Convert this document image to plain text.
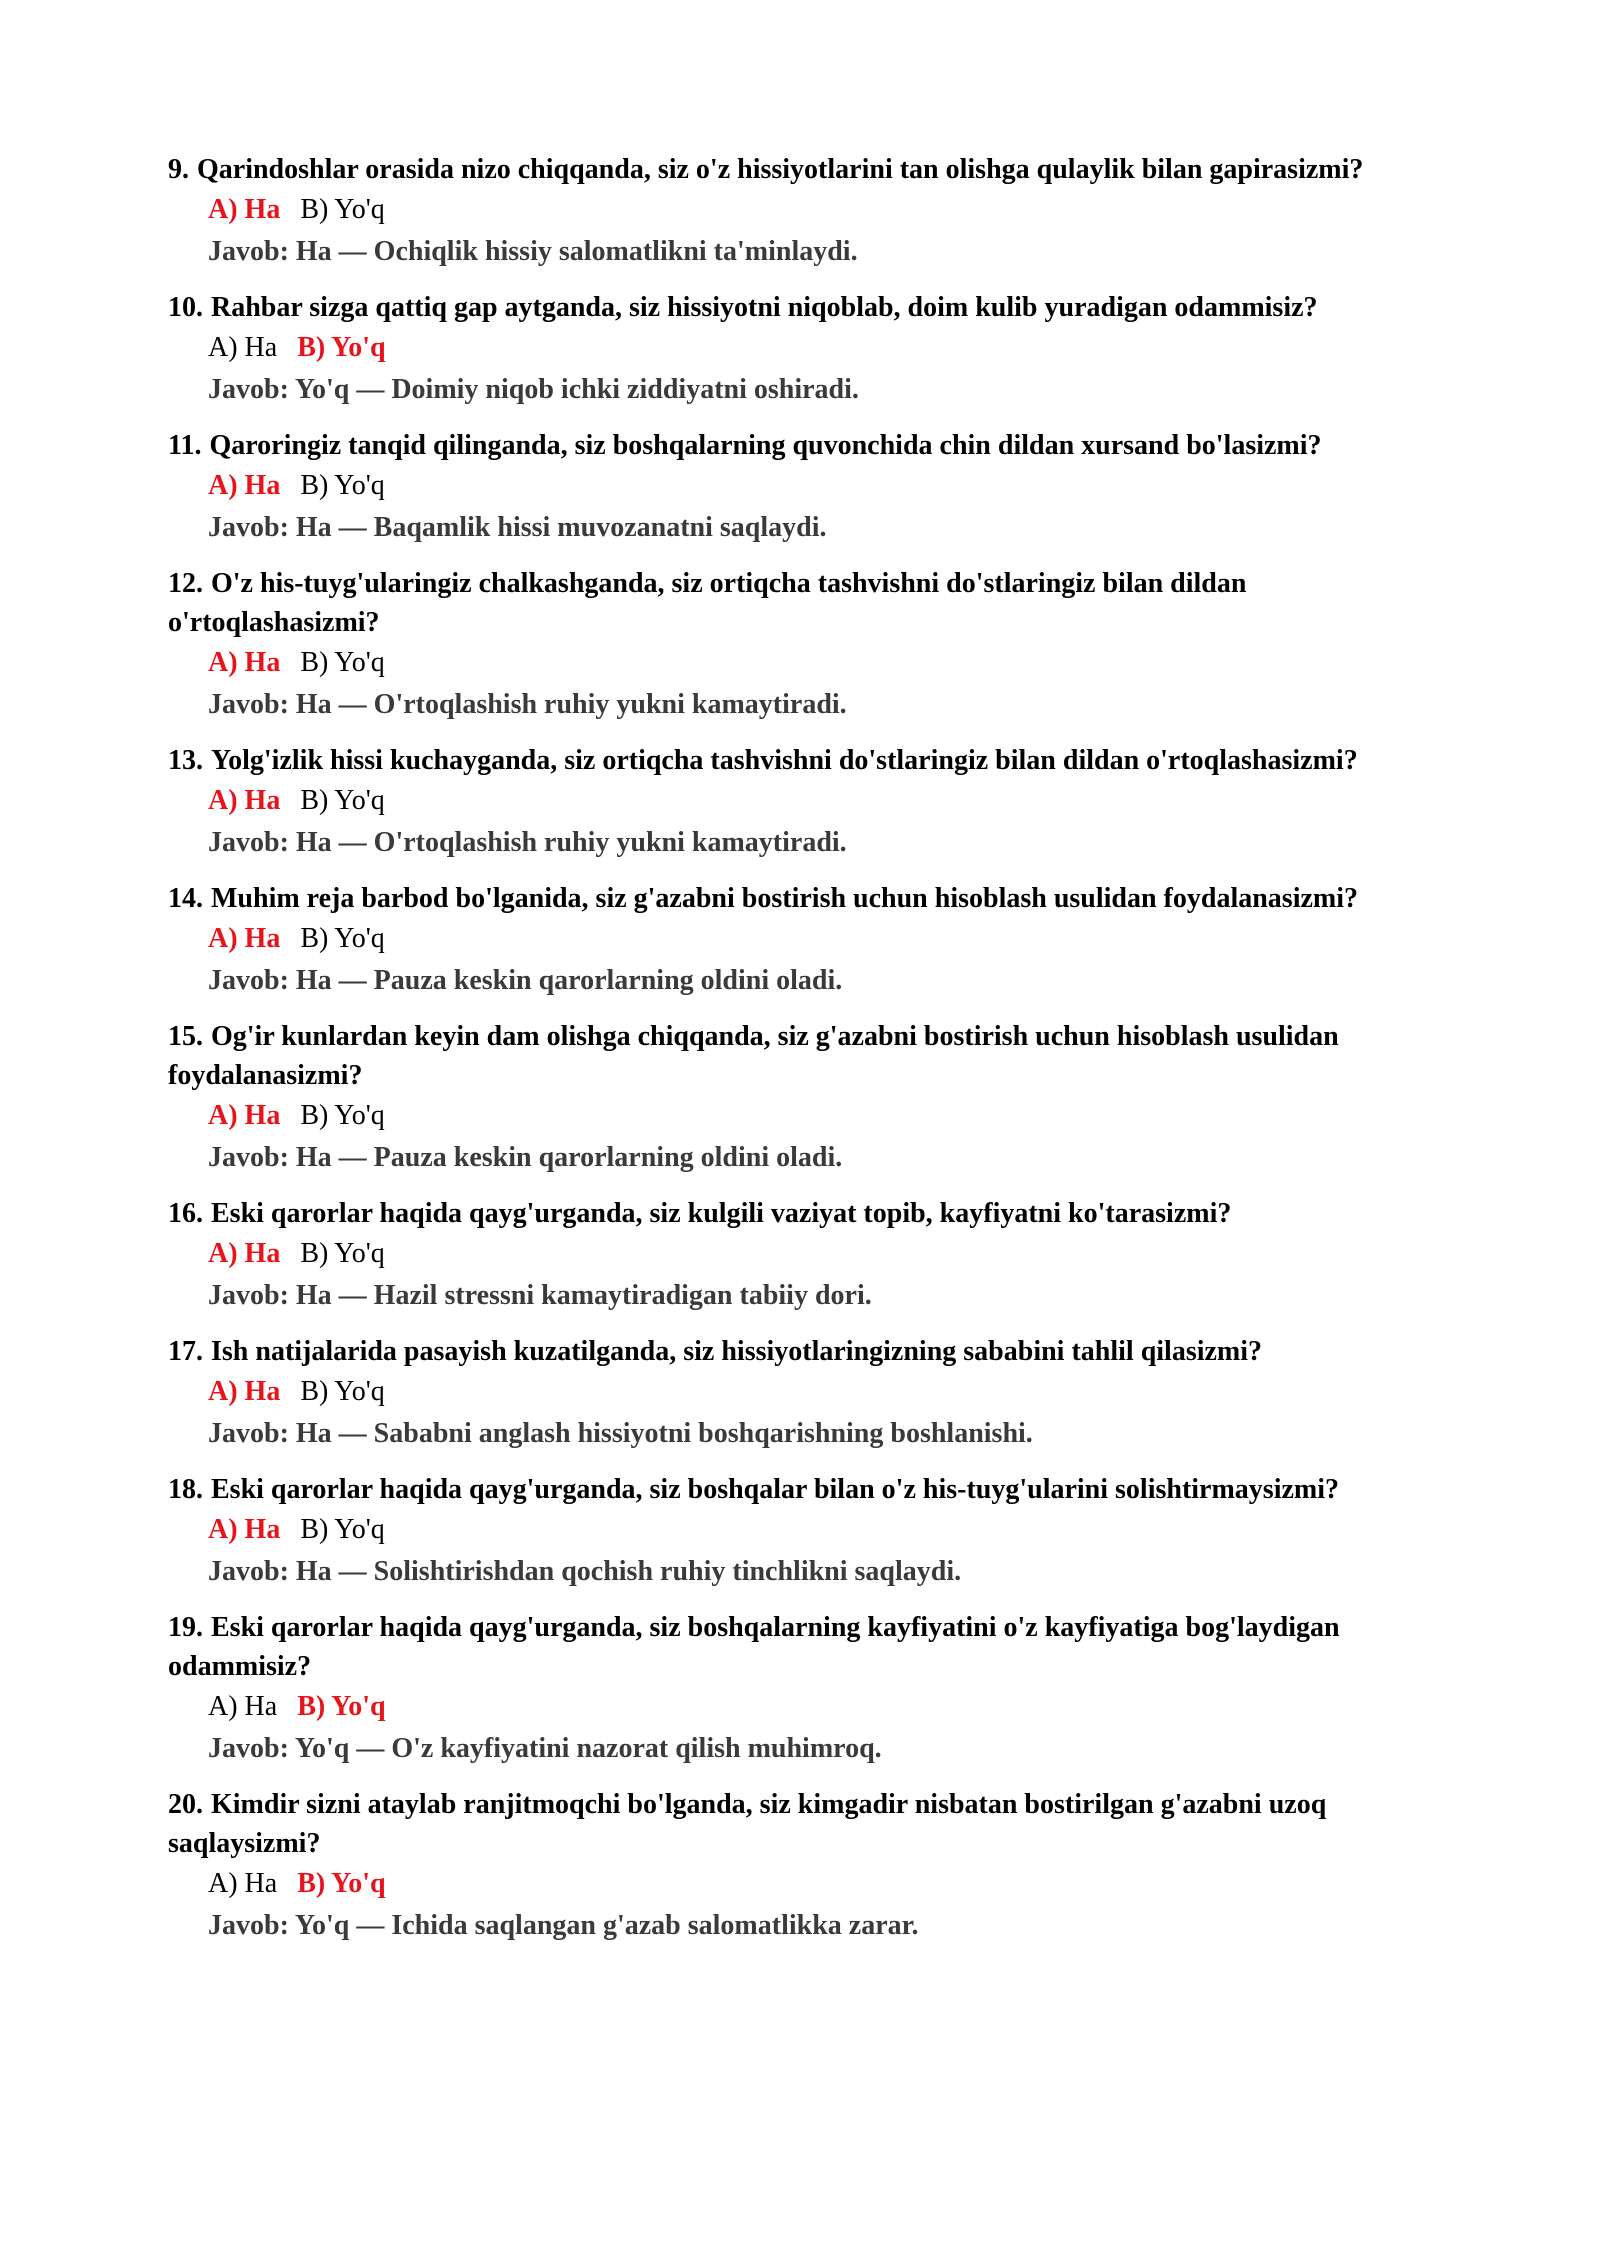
9. Qarindoshlar orasida nizo chiqqanda, siz o'z hissiyotlarini tan olishga qulaylik bilan gapirasizmi?
A) Ha B) Yo'q
Javob: Ha — Ochiqlik hissiy salomatlikni ta'minlaydi.
10. Rahbar sizga qattiq gap aytganda, siz hissiyotni niqoblab, doim kulib yuradigan odammisiz?
A) Ha B) Yo'q
Javob: Yo'q — Doimiy niqob ichki ziddiyatni oshiradi.
11. Qaroringiz tanqid qilinganda, siz boshqalarning quvonchida chin dildan xursand bo'lasizmi?
A) Ha B) Yo'q
Javob: Ha — Baqamlik hissi muvozanatni saqlaydi.
12. O'z his-tuyg'ularingiz chalkashganda, siz ortiqcha tashvishni do'stlaringiz bilan dildan o'rtoqlashasizmi?
A) Ha B) Yo'q
Javob: Ha — O'rtoqlashish ruhiy yukni kamaytiradi.
13. Yolg'izlik hissi kuchayganda, siz ortiqcha tashvishni do'stlaringiz bilan dildan o'rtoqlashasizmi?
A) Ha B) Yo'q
Javob: Ha — O'rtoqlashish ruhiy yukni kamaytiradi.
14. Muhim reja barbod bo'lganida, siz g'azabni bostirish uchun hisoblash usulidan foydalanasizmi?
A) Ha B) Yo'q
Javob: Ha — Pauza keskin qarorlarning oldini oladi.
15. Og'ir kunlardan keyin dam olishga chiqqanda, siz g'azabni bostirish uchun hisoblash usulidan foydalanasizmi?
A) Ha B) Yo'q
Javob: Ha — Pauza keskin qarorlarning oldini oladi.
16. Eski qarorlar haqida qayg'urganda, siz kulgili vaziyat topib, kayfiyatni ko'tarasizmi?
A) Ha B) Yo'q
Javob: Ha — Hazil stressni kamaytiradigan tabiiy dori.
17. Ish natijalarida pasayish kuzatilganda, siz hissiyotlaringizning sababini tahlil qilasizmi?
A) Ha B) Yo'q
Javob: Ha — Sababni anglash hissiyotni boshqarishning boshlanishi.
18. Eski qarorlar haqida qayg'urganda, siz boshqalar bilan o'z his-tuyg'ularini solishtirmaysizmi?
A) Ha B) Yo'q
Javob: Ha — Solishtirishdan qochish ruhiy tinchlikni saqlaydi.
19. Eski qarorlar haqida qayg'urganda, siz boshqalarning kayfiyatini o'z kayfiyatiga bog'laydigan odammisiz?
A) Ha B) Yo'q
Javob: Yo'q — O'z kayfiyatini nazorat qilish muhimroq.
20. Kimdir sizni ataylab ranjitmoqchi bo'lganda, siz kimgadir nisbatan bostirilgan g'azabni uzoq saqlaysizmi?
A) Ha B) Yo'q
Javob: Yo'q — Ichida saqlangan g'azab salomatlikka zarar.
